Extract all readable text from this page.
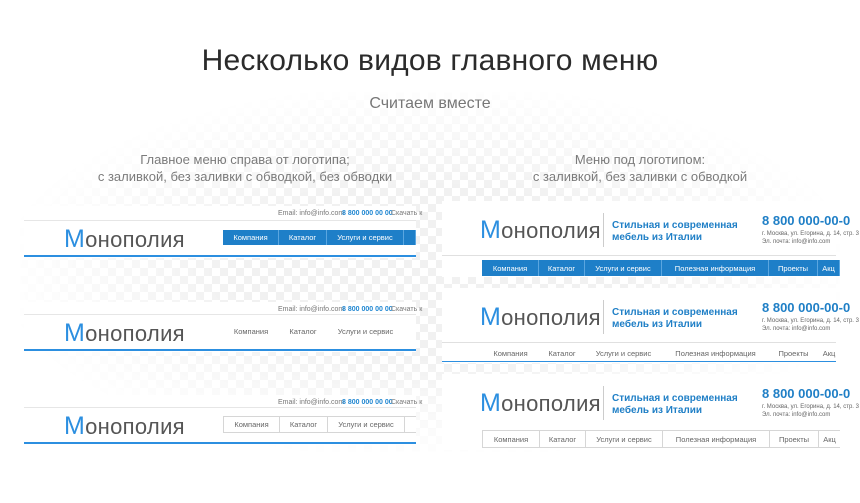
Несколько видов главного меню
Считаем вместе
Главное меню справа от логотипа;
с заливкой, без заливки с обводкой, без обводки
Меню под логотипом:
с заливкой, без заливки с обводкой
Email: info@info.com
8 800 000 00 00
Скачать к
Монополия	Компания	Каталог	Услуги и сервис
Email: info@info.com
8 800 000 00 00
Скачать к
Монополия	Компания	Каталог	Услуги и сервис
Email: info@info.com
8 800 000 00 00
Скачать к
Монополия	Компания	Каталог	Услуги и сервис
Монополия Стильная и современная
мебель из Италии
8 800 000-00-0
г. Москва, ул. Егорина, д. 14, стр. 3
Эл. почта: info@info.com
Компания	Каталог	Услуги и сервис	Полезная информация	Проекты	Акц
Монополия Стильная и современная
мебель из Италии
8 800 000-00-0
г. Москва, ул. Егорина, д. 14, стр. 3
Эл. почта: info@info.com
Компания	Каталог	Услуги и сервис	Полезная информация	Проекты	Акц
Монополия Стильная и современная
мебель из Италии
8 800 000-00-0
г. Москва, ул. Егорина, д. 14, стр. 3
Эл. почта: info@info.com
Компания	Каталог	Услуги и сервис	Полезная информация	Проекты	Акц
